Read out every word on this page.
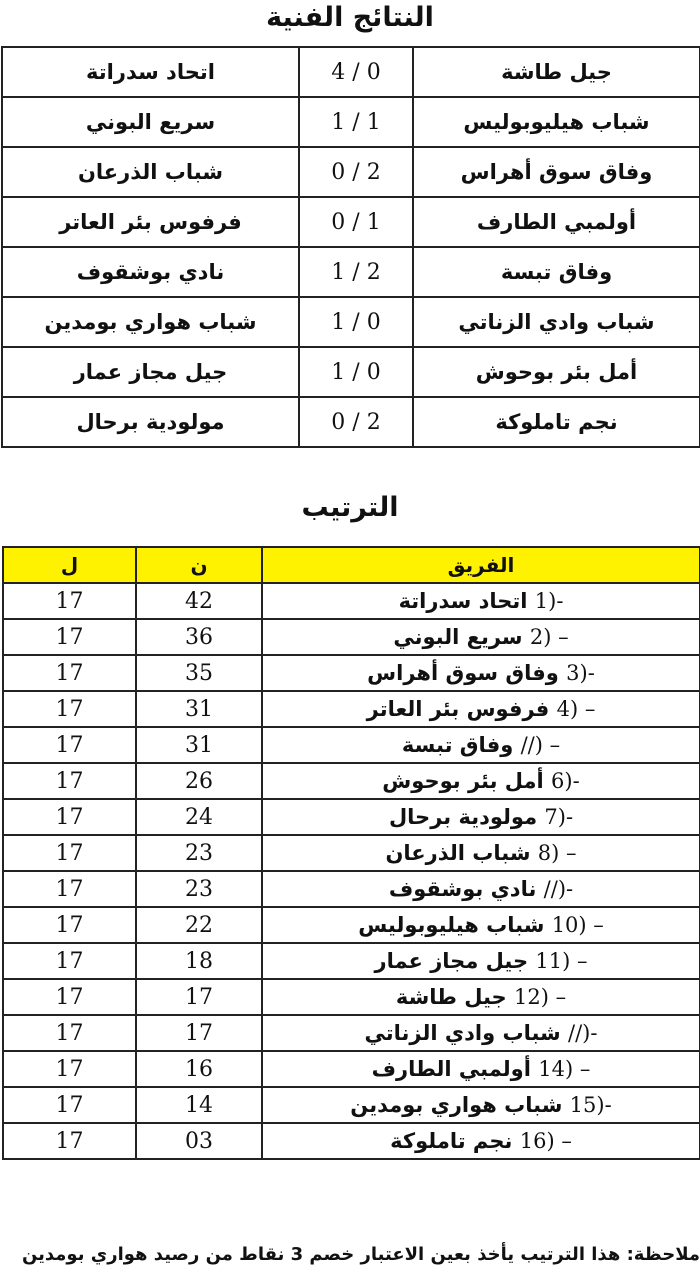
النتائج الفنية
اتحاد سدراتة	4 / 0	جيل طاشة
سريع البوني	1 / 1	شباب هيليوبوليس
شباب الذرعان	0 / 2	وفاق سوق أهراس
فرفوس بئر العاتر	0 / 1	أولمبي الطارف
نادي بوشقوف	1 / 2	وفاق تبسة
شباب هواري بومدين	1 / 0	شباب وادي الزناتي
جيل مجاز عمار	1 / 0	أمل بئر بوحوش
مولودية برحال	0 / 2	نجم تاملوكة
الترتيب
ل	ن	الفريق
17	42	1)- اتحاد سدراتة
17	36	2) – سريع البوني
17	35	3)- وفاق سوق أهراس
17	31	4) – فرفوس بئر العاتر
17	31	//) – وفاق تبسة
17	26	6)- أمل بئر بوحوش
17	24	7)- مولودية برحال
17	23	8) – شباب الذرعان
17	23	//)- نادي بوشقوف
17	22	10) – شباب هيليوبوليس
17	18	11) – جيل مجاز عمار
17	17	12) – جيل طاشة
17	17	//)- شباب وادي الزناتي
17	16	14) – أولمبي الطارف
17	14	15)- شباب هواري بومدين
17	03	16) – نجم تاملوكة
ملاحظة: هذا الترتيب يأخذ بعين الاعتبار خصم 3 نقاط من رصيد هواري بومدين
